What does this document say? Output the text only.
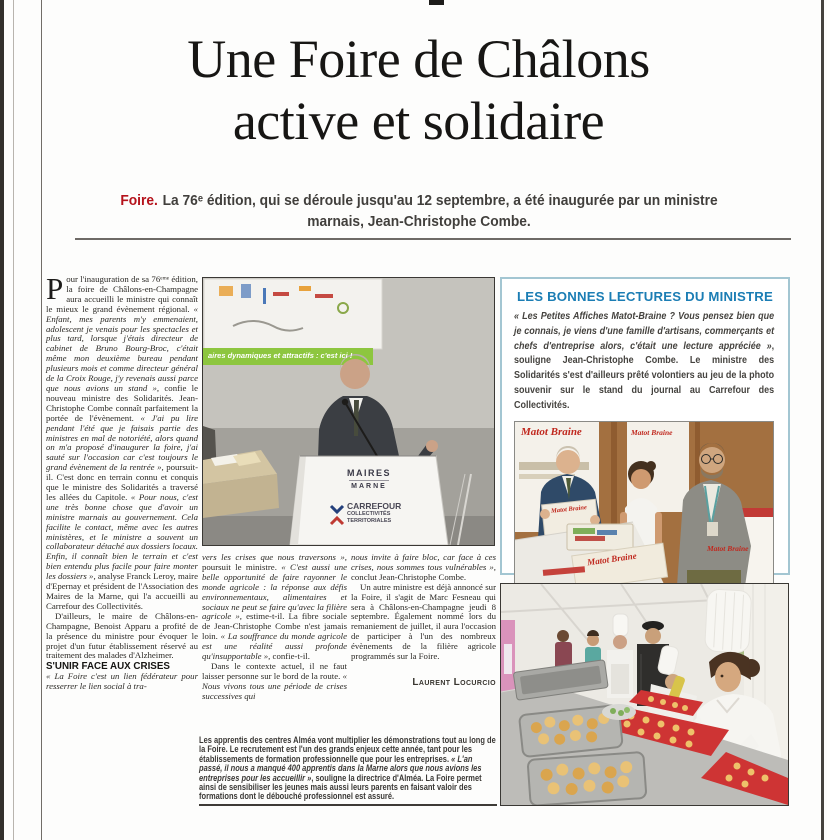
Une Foire de Châlons
active et solidaire
Foire. La 76ᵉ édition, qui se déroule jusqu'au 12 septembre, a été inaugurée par un ministre marnais, Jean-Christophe Combe.

Pour l'inauguration de sa 76ᵉᵐᵉ édition, la foire de Châlons-en-Champagne aura accueilli le ministre qui connaît le mieux le grand évènement régional. « Enfant, mes parents m'y emmenaient, adolescent je venais pour les spectacles et plus tard, lorsque j'étais directeur de cabinet de Bruno Bourg-Broc, c'était même mon deuxième bureau pendant plusieurs mois et comme directeur général de la Croix Rouge, j'y revenais aussi parce que nous avions un stand », confie le nouveau ministre des Solidarités. Jean-Christophe Combe connaît parfaitement la portée de l'évènement. « J'ai pu lire pendant l'été que je faisais partie des ministres en mal de notoriété, alors quand on m'a proposé d'inaugurer la foire, j'ai sauté sur l'occasion car c'est toujours le grand évènement de la rentrée », poursuit-il. C'est donc en terrain connu et conquis que le ministre des Solidarités a traversé les allées du Capitole. « Pour nous, c'est une très bonne chose que d'avoir un ministre marnais au gouvernement. Cela facilite le contact, même avec les autres ministères, et le ministre a souvent un collaborateur détaché aux dossiers locaux. Enfin, il connaît bien le terrain et c'est bien entendu plus facile pour faire monter les dossiers », analyse Franck Leroy, maire d'Epernay et président de l'Association des Maires de la Marne, qui l'a accueilli au Carrefour des Collectivités.

D'ailleurs, le maire de Châlons-en-Champagne, Benoist Apparu a profité de la présence du ministre pour évoquer le projet d'un futur établissement réservé au traitement des malades d'Alzheimer.

S'UNIR FACE AUX CRISES

« La Foire c'est un lien fédérateur pour resserrer le lien social à tra-

aires dynamiques et attractifs : c'est ici !
MAIRES
MARNE
CARREFOUR
COLLECTIVITÉS
TERRITORIALES

vers les crises que nous traversons », poursuit le ministre. « C'est aussi une belle opportunité de faire rayonner le monde agricole : la réponse aux défis environnementaux, alimentaires et sociaux ne peut se faire qu'avec la filière agricole », estime-t-il. La fibre sociale de Jean-Christophe Combe n'est jamais loin. « La souffrance du monde agricole est une réalité aussi profonde qu'insupportable », confie-t-il.

Dans le contexte actuel, il ne faut laisser personne sur le bord de la route. « Nous vivons tous une période de crises successives qui

nous invite à faire bloc, car face à ces crises, nous sommes tous vulnérables », conclut Jean-Christophe Combe.

Un autre ministre est déjà annoncé sur la Foire, il s'agit de Marc Fesneau qui sera à Châlons-en-Champagne jeudi 8 septembre. Également nommé lors du remaniement de juillet, il aura l'occasion de participer à l'un des nombreux évènements de la filière agricole programmés sur la Foire.

Laurent Locurcio
LES BONNES LECTURES DU MINISTRE
« Les Petites Affiches Matot-Braine ? Vous pensez bien que je connais, je viens d'une famille d'artisans, commerçants et chefs d'entreprise alors, c'était une lecture appréciée », souligne Jean-Christophe Combe. Le ministre des Solidarités s'est d'ailleurs prêté volontiers au jeu de la photo souvenir sur le stand du journal au Carrefour des Collectivités.
Matot Braine	Matot Braine
Matot Braine
Matot Braine
Matot Braine
Les apprentis des centres Alméa vont multiplier les démonstrations tout au long de la Foire. Le recrutement est l'un des grands enjeux cette année, tant pour les établissements de formation professionnelle que pour les entreprises. « L'an passé, il nous a manqué 400 apprentis dans la Marne alors que nous avions les entreprises pour les accueillir », souligne la directrice d'Alméa. La Foire permet ainsi de sensibiliser les jeunes mais aussi leurs parents en faisant valoir des formations dont le débouché professionnel est assuré.
